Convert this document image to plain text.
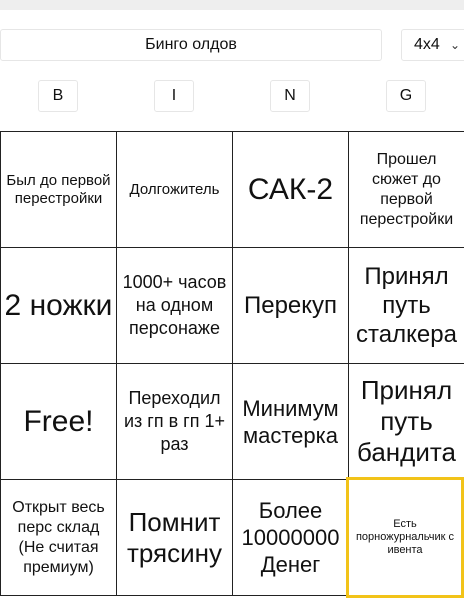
Бинго олдов
4x4 ⌄
B	I	N	G
Был до первой перестройки
Долгожитель САК-2
Прошел сюжет до первой перестройки
2 ножки
1000+ часов на одном персонаже
Перекуп
Принял путь сталкера
Free!
Переходил из гп в гп 1+ раз
Минимум мастерка
Принял путь бандита
Открыт весь перс склад (Не считая премиум)
Помнит трясину
Более 10000000 Денег
Есть порножурнальчик с ивента
